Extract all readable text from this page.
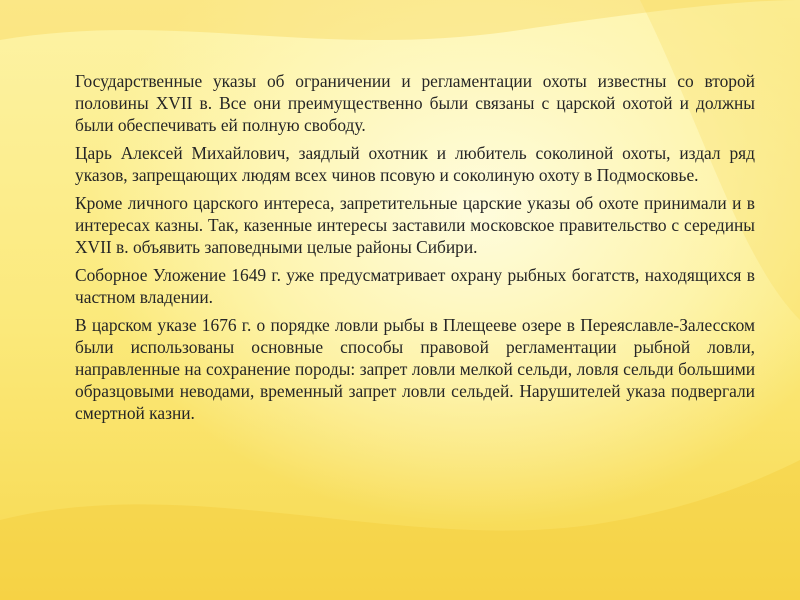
Государственные указы об ограничении и регламентации охоты известны со второй половины XVII в. Все они преимущественно были связаны с царской охотой и должны были обеспечивать ей полную свободу.

Царь Алексей Михайлович, заядлый охотник и любитель соколиной охоты, издал ряд указов, запрещающих людям всех чинов псовую и соколиную охоту в Подмосковье.

Кроме личного царского интереса, запретительные царские указы об охоте принимали и в интересах казны. Так, казенные интересы заставили московское правительство с середины XVII в. объявить заповедными целые районы Сибири.

Соборное Уложение 1649 г. уже предусматривает охрану рыбных богатств, находящихся в частном владении.

В царском указе 1676 г. о порядке ловли рыбы в Плещееве озере в Переяславле-Залесском были использованы основные способы правовой регламентации рыбной ловли, направленные на сохранение породы: запрет ловли мелкой сельди, ловля сельди большими образцовыми неводами, временный запрет ловли сельдей. Нарушителей указа подвергали смертной казни.
